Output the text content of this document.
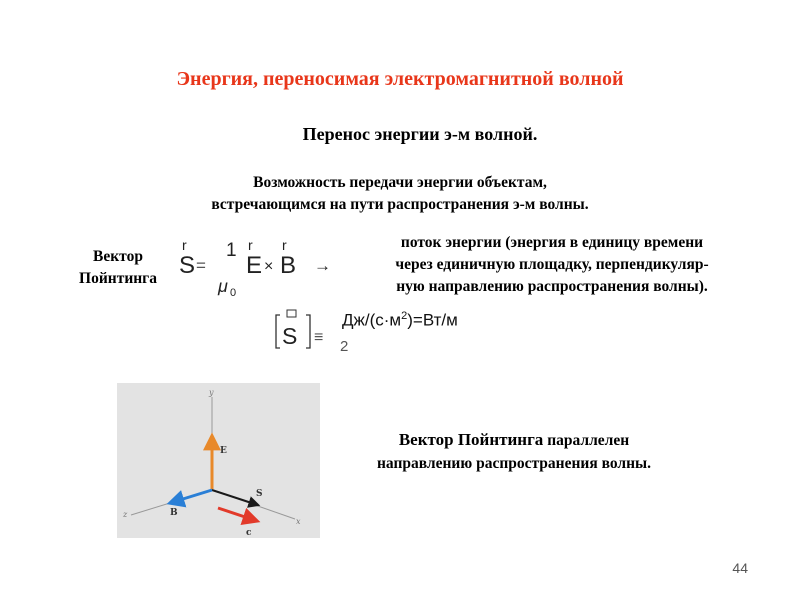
Энергия, переносимая электромагнитной волной
Перенос энергии э-м волной.
Возможность передачи энергии объектам,
встречающимся на пути распространения э-м волны.
Вектор
Пойнтинга
r
S =
1
μ 0
r
E ×
r
B →
поток энергии (энергия в единицу времени
через единичную площадку, перпендикуляр-
ную направлению распространения волны).
S ≡
$Дж/(с\cdot м^2)=Вт/м$
2
y
x
z
E
S
B
c
Вектор Пойнтинга параллелен
направлению распространения волны.
44
